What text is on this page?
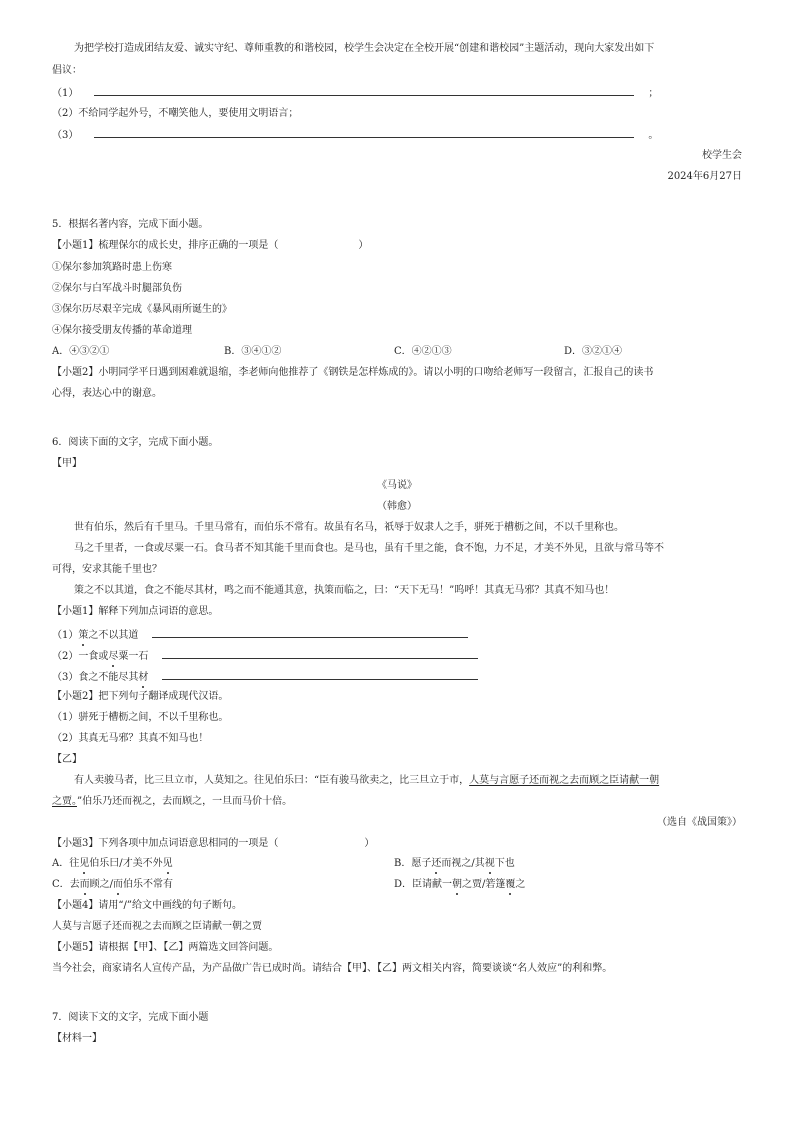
为把学校打造成团结友爱、诚实守纪、尊师重教的和谐校园，校学生会决定在全校开展“创建和谐校园”主题活动，现向大家发出如下
倡议：
（1）	；
（2）不给同学起外号，不嘲笑他人，要使用文明语言；
（3）	。
校学生会
2024年6月27日
5．根据名著内容，完成下面小题。
【小题1】梳理保尔的成长史，排序正确的一项是（	）
①保尔参加筑路时患上伤寒
②保尔与白军战斗时腿部负伤
③保尔历尽艰辛完成《暴风雨所诞生的》
④保尔接受朋友传播的革命道理
A．④③②①	B．③④①②	C．④②①③	D．③②①④
【小题2】小明同学平日遇到困难就退缩，李老师向他推荐了《钢铁是怎样炼成的》。请以小明的口吻给老师写一段留言，汇报自己的读书
心得，表达心中的谢意。
6．阅读下面的文字，完成下面小题。
【甲】
《马说》
（韩愈）
世有伯乐，然后有千里马。千里马常有，而伯乐不常有。故虽有名马，祇辱于奴隶人之手，骈死于槽枥之间，不以千里称也。
马之千里者，一食或尽粟一石。食马者不知其能千里而食也。是马也，虽有千里之能，食不饱，力不足，才美不外见，且欲与常马等不
可得，安求其能千里也？
策之不以其道，食之不能尽其材，鸣之而不能通其意，执策而临之，曰：“天下无马！”呜呼！其真无马邪？其真不知马也！
【小题1】解释下列加点词语的意思。
（1）策之不以其道
（2）一食或尽粟一石
（3）食之不能尽其材
【小题2】把下列句子翻译成现代汉语。
（1）骈死于槽枥之间，不以千里称也。
（2）其真无马邪？其真不知马也！
【乙】
有人卖骏马者，比三旦立市，人莫知之。往见伯乐曰：“臣有骏马欲卖之，比三旦立于市，人莫与言愿子还而视之去而顾之臣请献一朝
之贾。”伯乐乃还而视之，去而顾之，一旦而马价十倍。
（选自《战国策》）
【小题3】下列各项中加点词语意思相同的一项是（	）
A．往见伯乐曰/才美不外见	B．愿子还而视之/其视下也
C．去而顾之/而伯乐不常有	D．臣请献一朝之贾/箬篷覆之
【小题4】请用“/”给文中画线的句子断句。
人莫与言愿子还而视之去而顾之臣请献一朝之贾
【小题5】请根据【甲】、【乙】两篇选文回答问题。
当今社会，商家请名人宣传产品，为产品做广告已成时尚。请结合【甲】、【乙】两文相关内容，简要谈谈“名人效应”的利和弊。
7．阅读下文的文字，完成下面小题
【材料一】
